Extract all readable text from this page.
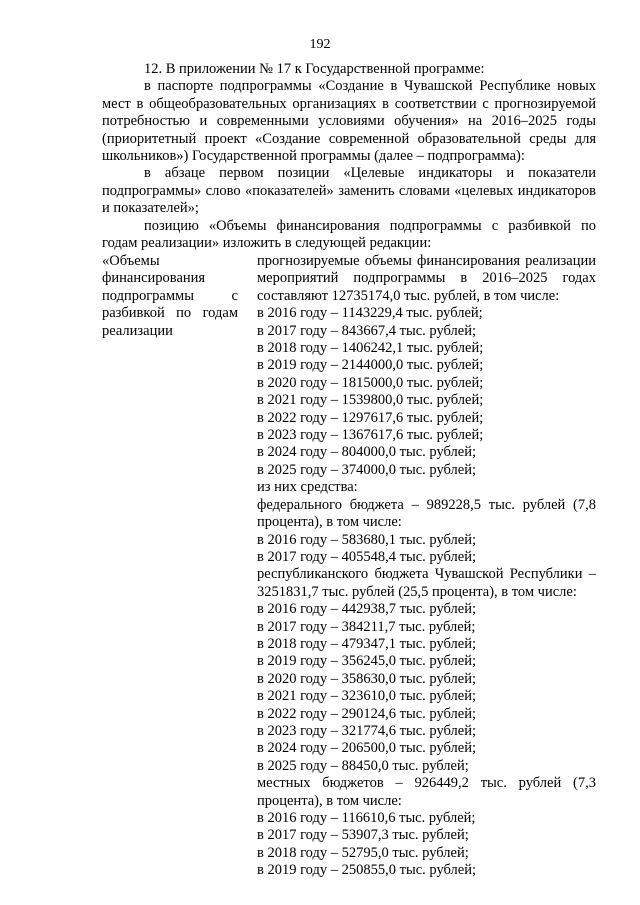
192

12. В приложении № 17 к Государственной программе:

в паспорте подпрограммы «Создание в Чувашской Республике новых мест в общеобразовательных организациях в соответствии с прогнозируемой потребностью и современными условиями обучения» на 2016–2025 годы (приоритетный проект «Создание современной образовательной среды для школьников») Государственной программы (далее – подпрограмма):

в абзаце первом позиции «Целевые индикаторы и показатели подпрограммы» слово «показателей» заменить словами «целевых индикаторов и показателей»;

позицию «Объемы финансирования подпрограммы с разбивкой по годам реализации» изложить в следующей редакции:

«Объемы финансирования подпрограммы с разбивкой по годам реализации

прогнозируемые объемы финансирования реализации мероприятий подпрограммы в 2016–2025 годах составляют 12735174,0 тыс. рублей, в том числе:

в 2016 году – 1143229,4 тыс. рублей;

в 2017 году – 843667,4 тыс. рублей;

в 2018 году – 1406242,1 тыс. рублей;

в 2019 году – 2144000,0 тыс. рублей;

в 2020 году – 1815000,0 тыс. рублей;

в 2021 году – 1539800,0 тыс. рублей;

в 2022 году – 1297617,6 тыс. рублей;

в 2023 году – 1367617,6 тыс. рублей;

в 2024 году – 804000,0 тыс. рублей;

в 2025 году – 374000,0 тыс. рублей;

из них средства:

федерального бюджета – 989228,5 тыс. рублей (7,8 процента), в том числе:

в 2016 году – 583680,1 тыс. рублей;

в 2017 году – 405548,4 тыс. рублей;

республиканского бюджета Чувашской Республики – 3251831,7 тыс. рублей (25,5 процента), в том числе:

в 2016 году – 442938,7 тыс. рублей;

в 2017 году – 384211,7 тыс. рублей;

в 2018 году – 479347,1 тыс. рублей;

в 2019 году – 356245,0 тыс. рублей;

в 2020 году – 358630,0 тыс. рублей;

в 2021 году – 323610,0 тыс. рублей;

в 2022 году – 290124,6 тыс. рублей;

в 2023 году – 321774,6 тыс. рублей;

в 2024 году – 206500,0 тыс. рублей;

в 2025 году – 88450,0 тыс. рублей;

местных бюджетов – 926449,2 тыс. рублей (7,3 процента), в том числе:

в 2016 году – 116610,6 тыс. рублей;

в 2017 году – 53907,3 тыс. рублей;

в 2018 году – 52795,0 тыс. рублей;

в 2019 году – 250855,0 тыс. рублей;
